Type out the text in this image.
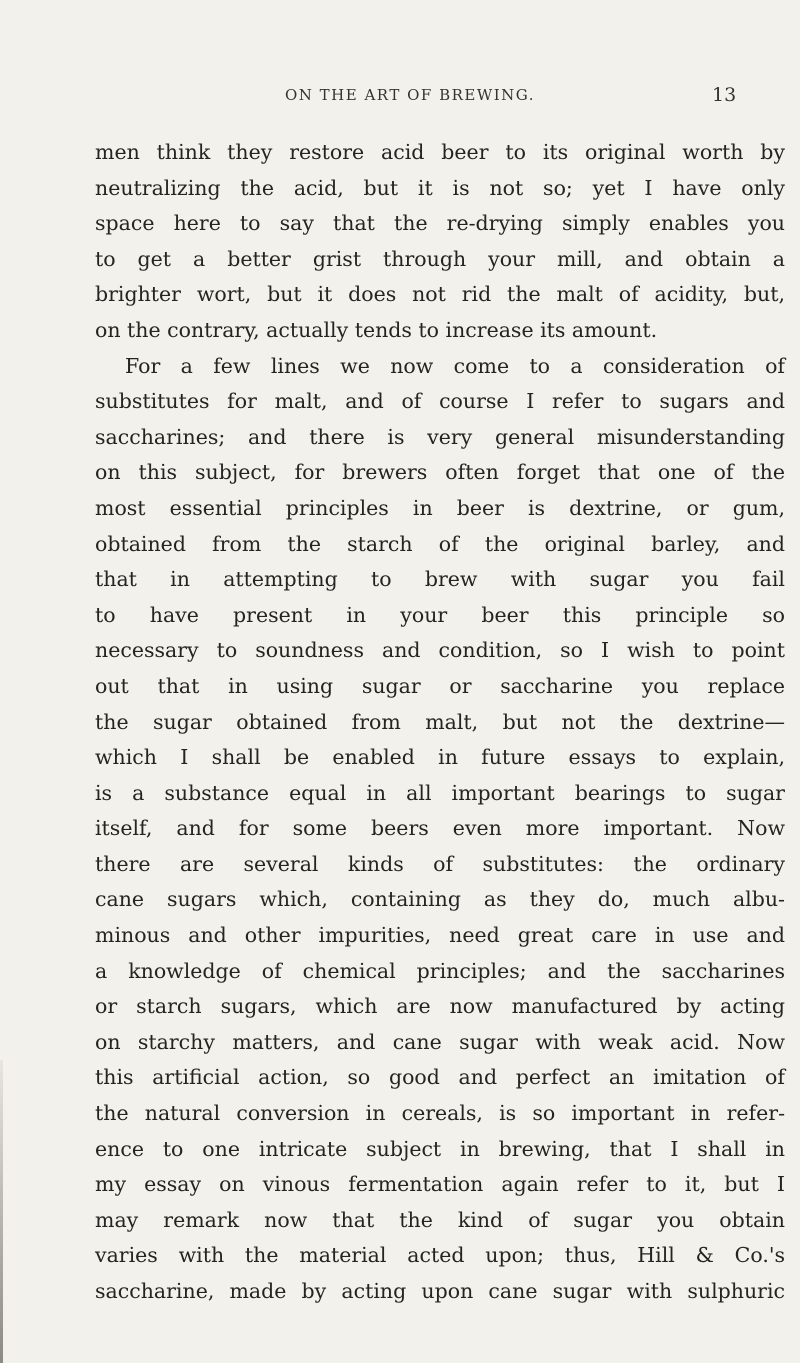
ON THE ART OF BREWING.	13
men think they restore acid beer to its original worth by
neutralizing the acid, but it is not so; yet I have only
space here to say that the re-drying simply enables you
to get a better grist through your mill, and obtain a
brighter wort, but it does not rid the malt of acidity, but,
on the contrary, actually tends to increase its amount.
For a few lines we now come to a consideration of
substitutes for malt, and of course I refer to sugars and
saccharines; and there is very general misunderstanding
on this subject, for brewers often forget that one of the
most essential principles in beer is dextrine, or gum,
obtained from the starch of the original barley, and
that in attempting to brew with sugar you fail
to have present in your beer this principle so
necessary to soundness and condition, so I wish to point
out that in using sugar or saccharine you replace
the sugar obtained from malt, but not the dextrine—
which I shall be enabled in future essays to explain,
is a substance equal in all important bearings to sugar
itself, and for some beers even more important. Now
there are several kinds of substitutes: the ordinary
cane sugars which, containing as they do, much albu-
minous and other impurities, need great care in use and
a knowledge of chemical principles; and the saccharines
or starch sugars, which are now manufactured by acting
on starchy matters, and cane sugar with weak acid. Now
this artificial action, so good and perfect an imitation of
the natural conversion in cereals, is so important in refer-
ence to one intricate subject in brewing, that I shall in
my essay on vinous fermentation again refer to it, but I
may remark now that the kind of sugar you obtain
varies with the material acted upon; thus, Hill & Co.'s
saccharine, made by acting upon cane sugar with sulphuric
